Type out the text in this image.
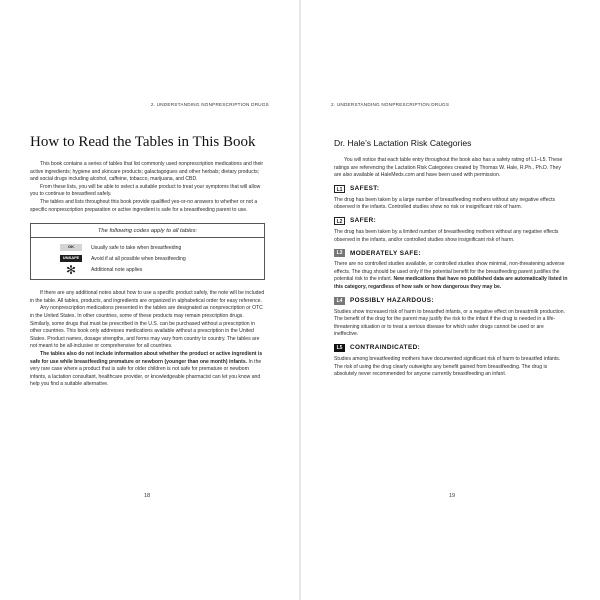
2. UNDERSTANDING NONPRESCRIPTION DRUGS
How to Read the Tables in This Book

This book contains a series of tables that list commonly used nonprescription medications and their active ingredients; hygiene and skincare products; galactagogues and other herbals; dietary products; and social drugs including alcohol, caffeine, tobacco, marijuana, and CBD.

From these lists, you will be able to select a suitable product to treat your symptoms that will allow you to continue to breastfeed safely.

The tables and lists throughout this book provide qualified yes-or-no answers to whether or not a specific nonprescription preparation or active ingredient is safe for a breastfeeding parent to use.

The following codes apply to all tables:
OK	Usually safe to take when breastfeeding
UNSAFE	Avoid if at all possible when breastfeeding
✻	Additional note applies

If there are any additional notes about how to use a specific product safely, the note will be included in the table. All tables, products, and ingredients are organized in alphabetical order for easy reference.

Any nonprescription medications presented in the tables are designated as nonprescription or OTC in the United States. In other countries, some of these products may remain prescription drugs. Similarly, some drugs that must be prescribed in the U.S. can be purchased without a prescription in other countries. This book only addresses medications available without a prescription in the United States. Product names, dosage strengths, and forms may vary from country to country. The tables are not meant to be all-inclusive or comprehensive for all countries.

The tables also do not include information about whether the product or active ingredient is safe for use while breastfeeding premature or newborn (younger than one month) infants. In the very rare case where a product that is safe for older children is not safe for premature or newborn infants, a lactation consultant, healthcare provider, or knowledgeable pharmacist can let you know and help you find a suitable alternative.

18
2. UNDERSTANDING NONPRESCRIPTION DRUGS
Dr. Hale’s Lactation Risk Categories

You will notice that each table entry throughout the book also has a safety rating of L1–L5. These ratings are referencing the Lactation Risk Categories created by Thomas W. Hale, R.Ph., Ph.D. They are also available at HaleMeds.com and have been used with permission.

L1	SAFEST:

The drug has been taken by a large number of breastfeeding mothers without any negative effects observed in the infants. Controlled studies show no risk or insignificant risk of harm.

L2	SAFER:

The drug has been taken by a limited number of breastfeeding mothers without any negative effects observed in the infants, and/or controlled studies show insignificant risk of harm.

L3	MODERATELY SAFE:

There are no controlled studies available, or controlled studies show minimal, non-threatening adverse effects. The drug should be used only if the potential benefit for the breastfeeding parent justifies the potential risk to the infant. New medications that have no published data are automatically listed in this category, regardless of how safe or how dangerous they may be.

L4	POSSIBLY HAZARDOUS:

Studies show increased risk of harm to breastfed infants, or a negative effect on breastmilk production. The benefit of the drug for the parent may justify the risk to the infant if the drug is needed in a life-threatening situation or to treat a serious disease for which safer drugs cannot be used or are ineffective.

L5	CONTRAINDICATED:

Studies among breastfeeding mothers have documented significant risk of harm to breastfed infants. The risk of using the drug clearly outweighs any benefit gained from breastfeeding. The drug is absolutely never recommended for anyone currently breastfeeding an infant.

19
